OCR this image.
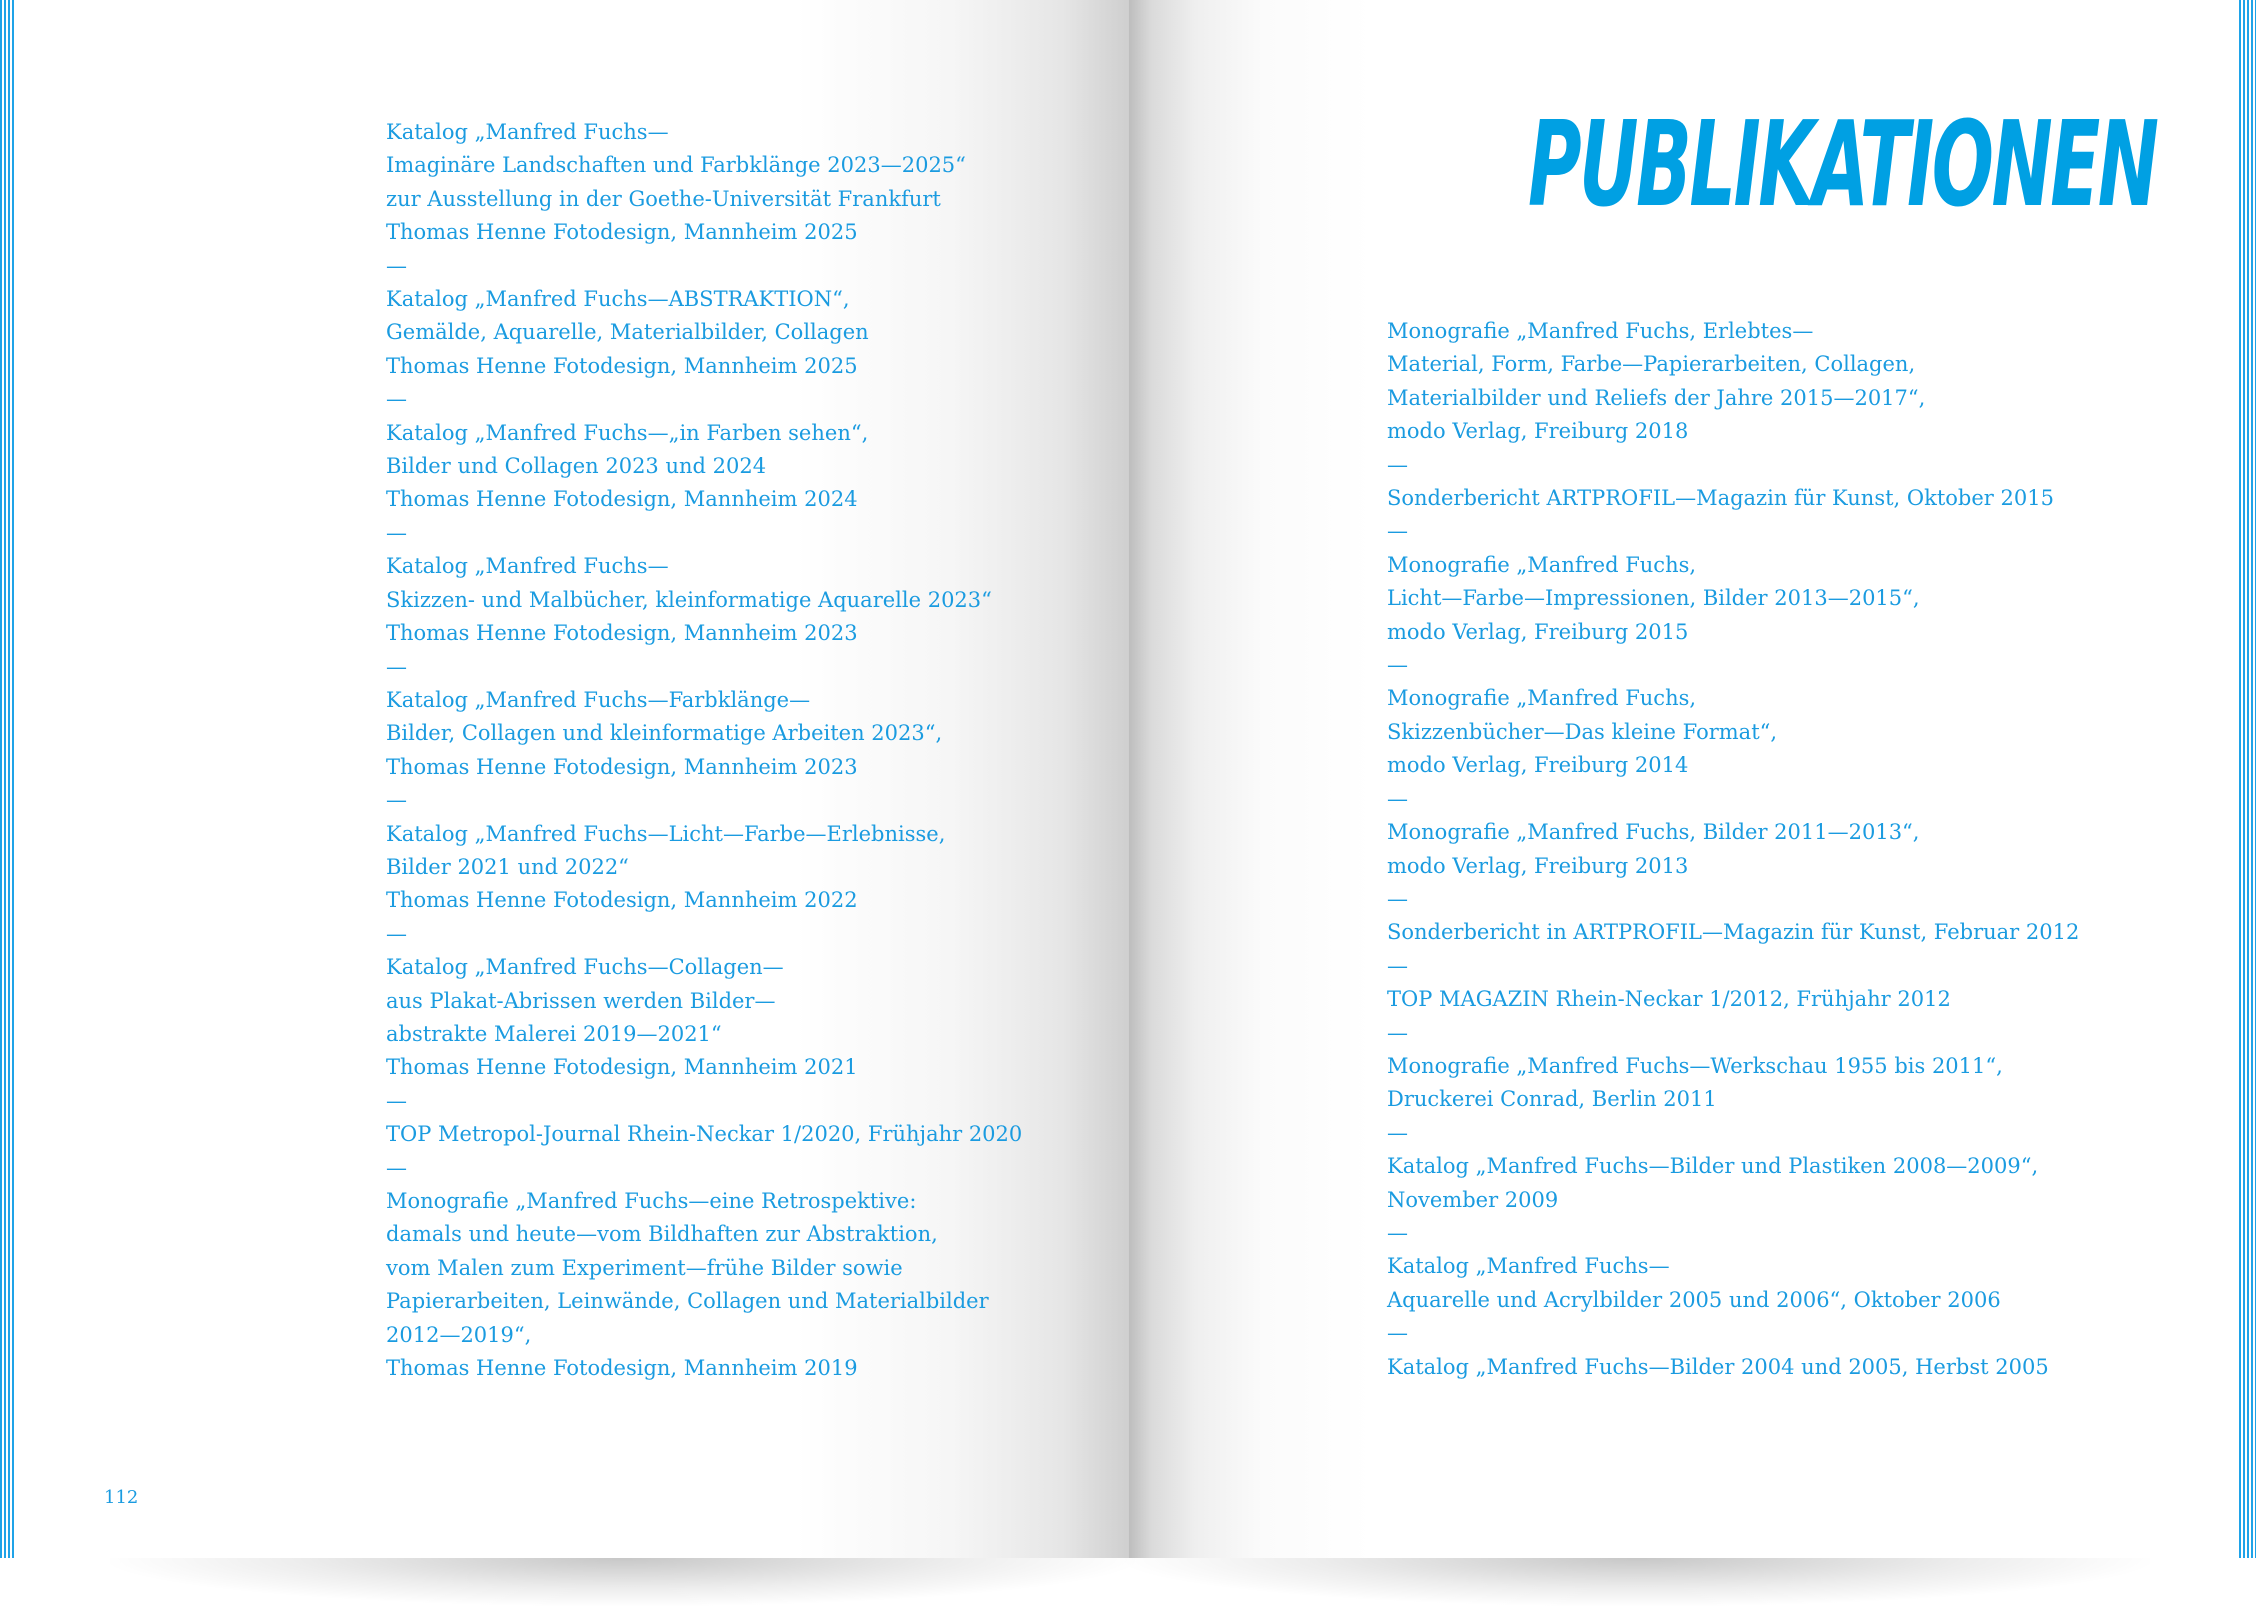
Katalog „Manfred Fuchs—
Imaginäre Landschaften und Farbklänge 2023—2025“
zur Ausstellung in der Goethe-Universität Frankfurt
Thomas Henne Fotodesign, Mannheim 2025
—
Katalog „Manfred Fuchs—ABSTRAKTION“,
Gemälde, Aquarelle, Materialbilder, Collagen
Thomas Henne Fotodesign, Mannheim 2025
—
Katalog „Manfred Fuchs—„in Farben sehen“,
Bilder und Collagen 2023 und 2024
Thomas Henne Fotodesign, Mannheim 2024
—
Katalog „Manfred Fuchs—
Skizzen- und Malbücher, kleinformatige Aquarelle 2023“
Thomas Henne Fotodesign, Mannheim 2023
—
Katalog „Manfred Fuchs—Farbklänge—
Bilder, Collagen und kleinformatige Arbeiten 2023“,
Thomas Henne Fotodesign, Mannheim 2023
—
Katalog „Manfred Fuchs—Licht—Farbe—Erlebnisse,
Bilder 2021 und 2022“
Thomas Henne Fotodesign, Mannheim 2022
—
Katalog „Manfred Fuchs—Collagen—
aus Plakat-Abrissen werden Bilder—
abstrakte Malerei 2019—2021“
Thomas Henne Fotodesign, Mannheim 2021
—
TOP Metropol-Journal Rhein-Neckar 1/2020, Frühjahr 2020
—
Monografie „Manfred Fuchs—eine Retrospektive:
damals und heute—vom Bildhaften zur Abstraktion,
vom Malen zum Experiment—frühe Bilder sowie
Papierarbeiten, Leinwände, Collagen und Materialbilder
2012—2019“,
Thomas Henne Fotodesign, Mannheim 2019
Monografie „Manfred Fuchs, Erlebtes—
Material, Form, Farbe—Papierarbeiten, Collagen,
Materialbilder und Reliefs der Jahre 2015—2017“,
modo Verlag, Freiburg 2018
—
Sonderbericht ARTPROFIL—Magazin für Kunst, Oktober 2015
—
Monografie „Manfred Fuchs,
Licht—Farbe—Impressionen, Bilder 2013—2015“,
modo Verlag, Freiburg 2015
—
Monografie „Manfred Fuchs,
Skizzenbücher—Das kleine Format“,
modo Verlag, Freiburg 2014
—
Monografie „Manfred Fuchs, Bilder 2011—2013“,
modo Verlag, Freiburg 2013
—
Sonderbericht in ARTPROFIL—Magazin für Kunst, Februar 2012
—
TOP MAGAZIN Rhein-Neckar 1/2012, Frühjahr 2012
—
Monografie „Manfred Fuchs—Werkschau 1955 bis 2011“,
Druckerei Conrad, Berlin 2011
—
Katalog „Manfred Fuchs—Bilder und Plastiken 2008—2009“,
November 2009
—
Katalog „Manfred Fuchs—
Aquarelle und Acrylbilder 2005 und 2006“, Oktober 2006
—
Katalog „Manfred Fuchs—Bilder 2004 und 2005, Herbst 2005
PUBLIKATIONEN
112
